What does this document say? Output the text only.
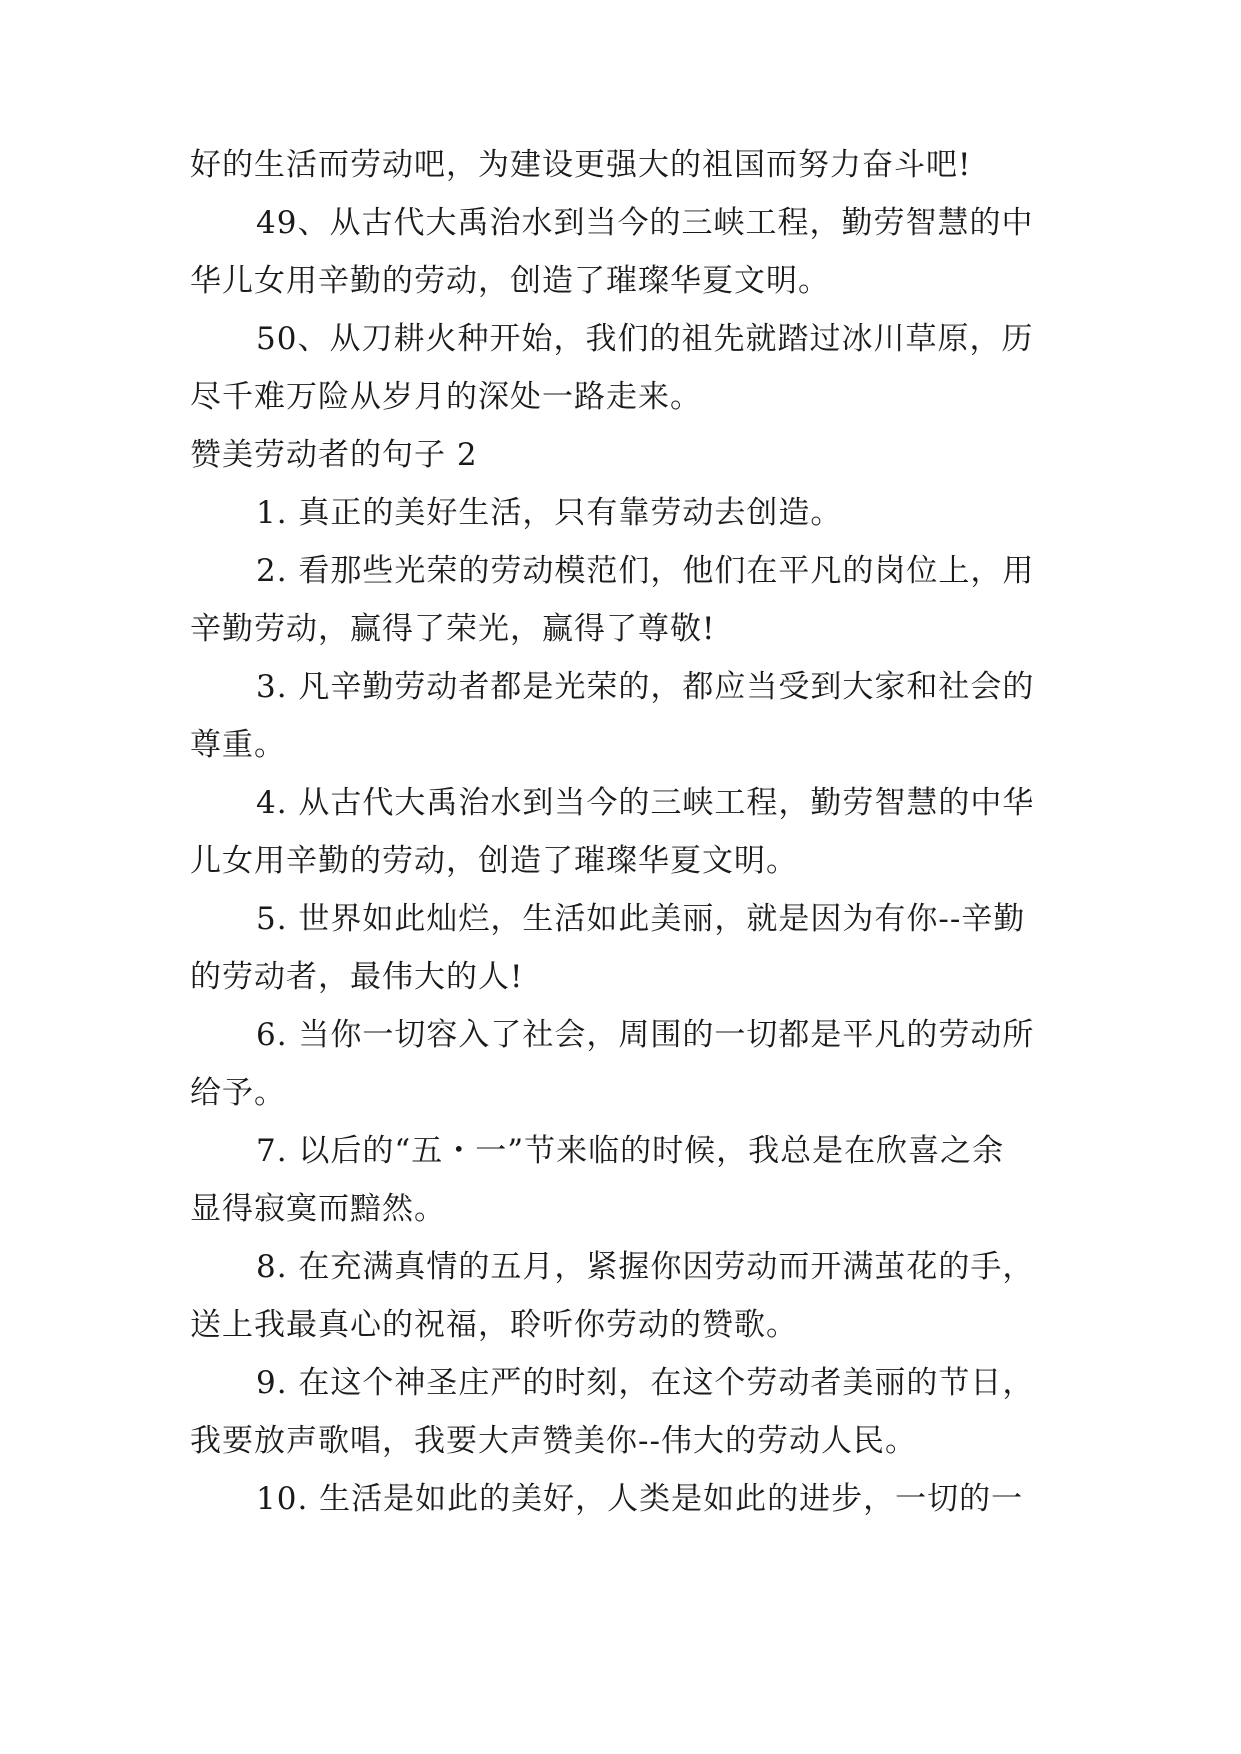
好的生活而劳动吧，为建设更强大的祖国而努力奋斗吧!
49、从古代大禹治水到当今的三峡工程，勤劳智慧的中
华儿女用辛勤的劳动，创造了璀璨华夏文明。
50、从刀耕火种开始，我们的祖先就踏过冰川草原，历
尽千难万险从岁月的深处一路走来。
赞美劳动者的句子 2
1. 真正的美好生活，只有靠劳动去创造。
2. 看那些光荣的劳动模范们，他们在平凡的岗位上，用
辛勤劳动，赢得了荣光，赢得了尊敬!
3. 凡辛勤劳动者都是光荣的，都应当受到大家和社会的
尊重。
4. 从古代大禹治水到当今的三峡工程，勤劳智慧的中华
儿女用辛勤的劳动，创造了璀璨华夏文明。
5. 世界如此灿烂，生活如此美丽，就是因为有你--辛勤
的劳动者，最伟大的人!
6. 当你一切容入了社会，周围的一切都是平凡的劳动所
给予。
7. 以后的“五・一”节来临的时候，我总是在欣喜之余
显得寂寞而黯然。
8. 在充满真情的五月，紧握你因劳动而开满茧花的手，
送上我最真心的祝福，聆听你劳动的赞歌。
9. 在这个神圣庄严的时刻，在这个劳动者美丽的节日，
我要放声歌唱，我要大声赞美你--伟大的劳动人民。
10. 生活是如此的美好，人类是如此的进步，一切的一
